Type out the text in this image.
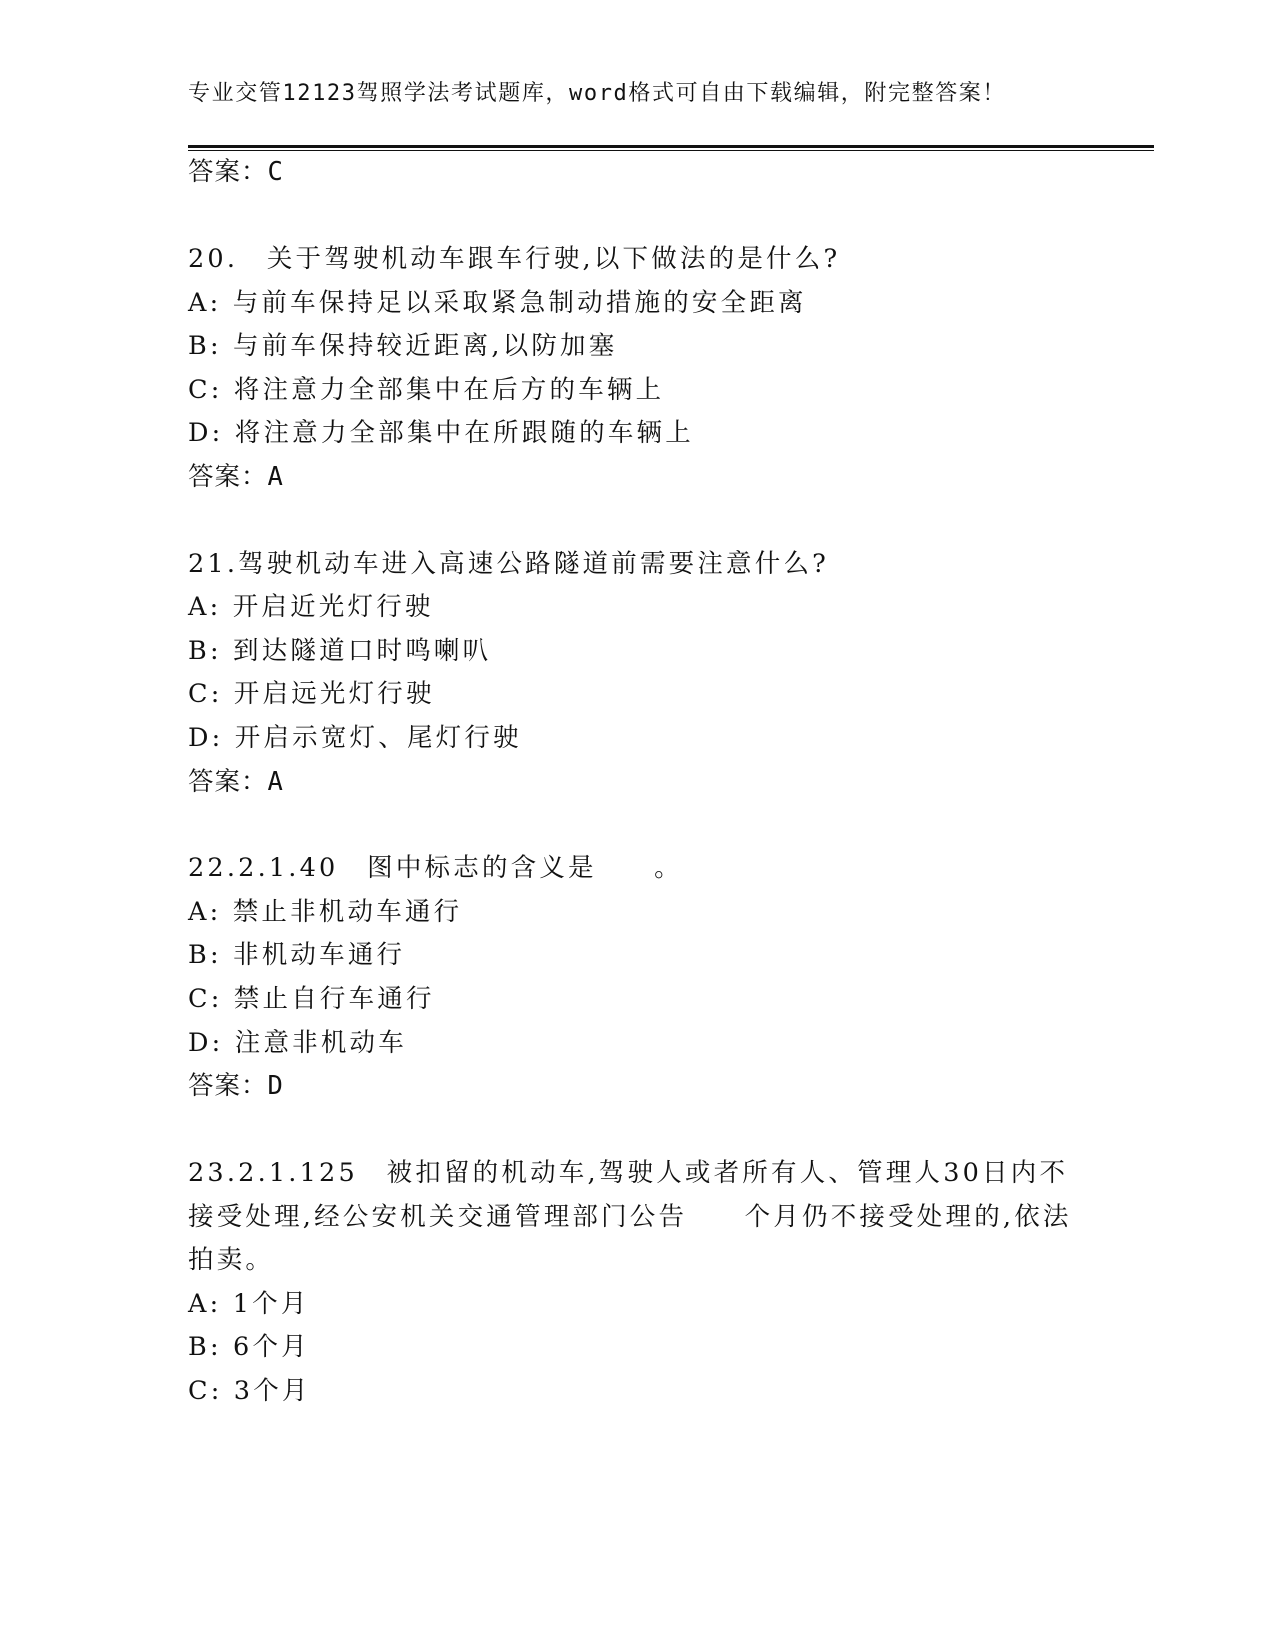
专业交管12123驾照学法考试题库，word格式可自由下载编辑，附完整答案！
答案：C
20.　关于驾驶机动车跟车行驶,以下做法的是什么?
A: 与前车保持足以采取紧急制动措施的安全距离
B: 与前车保持较近距离,以防加塞
C: 将注意力全部集中在后方的车辆上
D: 将注意力全部集中在所跟随的车辆上
答案：A
21.驾驶机动车进入高速公路隧道前需要注意什么?
A: 开启近光灯行驶
B: 到达隧道口时鸣喇叭
C: 开启远光灯行驶
D: 开启示宽灯、尾灯行驶
答案：A
22.2.1.40　图中标志的含义是　　。
A: 禁止非机动车通行
B: 非机动车通行
C: 禁止自行车通行
D: 注意非机动车
答案：D
23.2.1.125　被扣留的机动车,驾驶人或者所有人、管理人30日内不
接受处理,经公安机关交通管理部门公告　　个月仍不接受处理的,依法
拍卖。
A: 1个月
B: 6个月
C: 3个月
